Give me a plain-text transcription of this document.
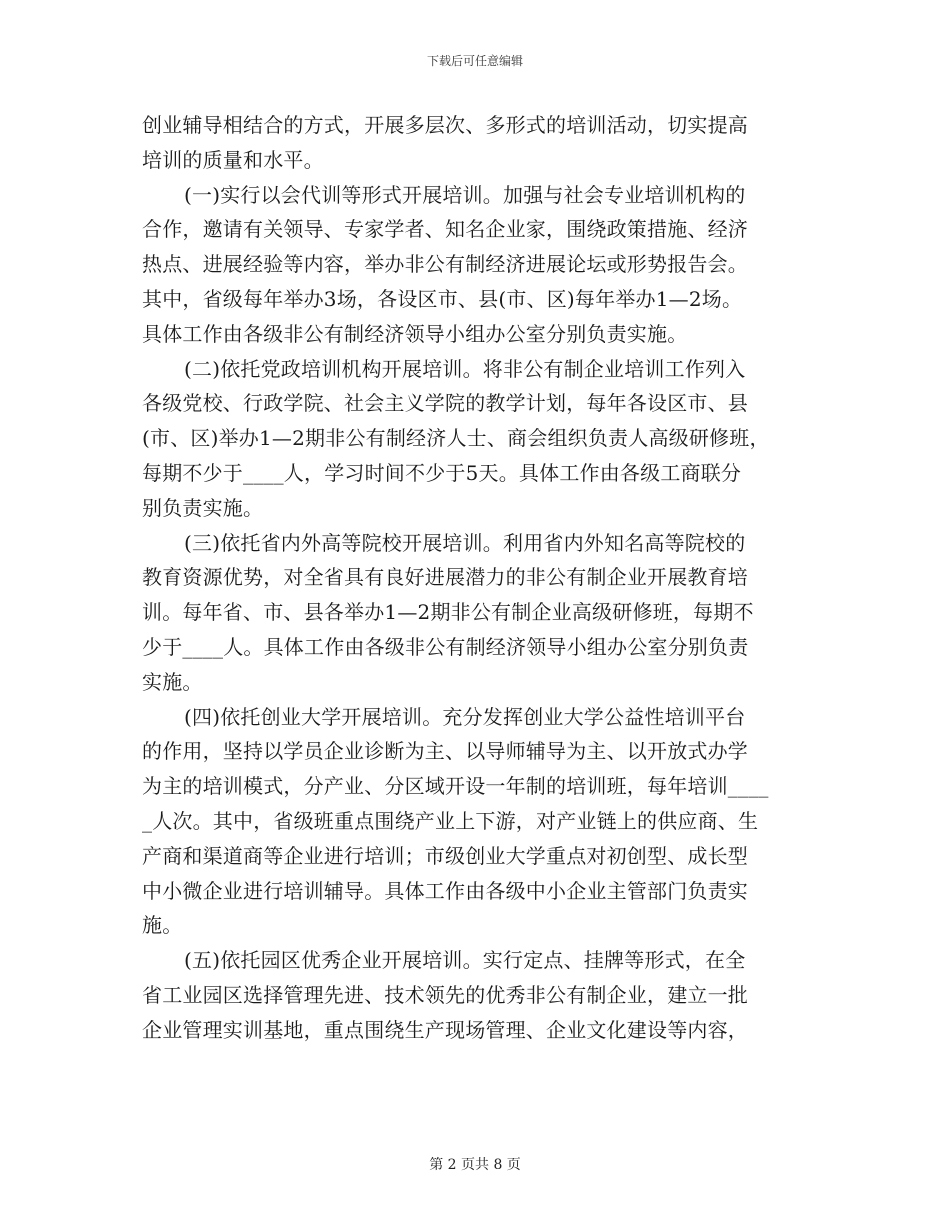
下载后可任意编辑
创业辅导相结合的方式，开展多层次、多形式的培训活动，切实提高
培训的质量和水平。
(一)实行以会代训等形式开展培训。加强与社会专业培训机构的
合作，邀请有关领导、专家学者、知名企业家，围绕政策措施、经济
热点、进展经验等内容，举办非公有制经济进展论坛或形势报告会。
其中，省级每年举办3场，各设区市、县(市、区)每年举办1—2场。
具体工作由各级非公有制经济领导小组办公室分别负责实施。
(二)依托党政培训机构开展培训。将非公有制企业培训工作列入
各级党校、行政学院、社会主义学院的教学计划，每年各设区市、县
(市、区)举办1—2期非公有制经济人士、商会组织负责人高级研修班，
每期不少于____人，学习时间不少于5天。具体工作由各级工商联分
别负责实施。
(三)依托省内外高等院校开展培训。利用省内外知名高等院校的
教育资源优势，对全省具有良好进展潜力的非公有制企业开展教育培
训。每年省、市、县各举办1—2期非公有制企业高级研修班，每期不
少于____人。具体工作由各级非公有制经济领导小组办公室分别负责
实施。
(四)依托创业大学开展培训。充分发挥创业大学公益性培训平台
的作用，坚持以学员企业诊断为主、以导师辅导为主、以开放式办学
为主的培训模式，分产业、分区域开设一年制的培训班，每年培训____
_人次。其中，省级班重点围绕产业上下游，对产业链上的供应商、生
产商和渠道商等企业进行培训；市级创业大学重点对初创型、成长型
中小微企业进行培训辅导。具体工作由各级中小企业主管部门负责实
施。
(五)依托园区优秀企业开展培训。实行定点、挂牌等形式，在全
省工业园区选择管理先进、技术领先的优秀非公有制企业，建立一批
企业管理实训基地，重点围绕生产现场管理、企业文化建设等内容，
第 2 页共 8 页
